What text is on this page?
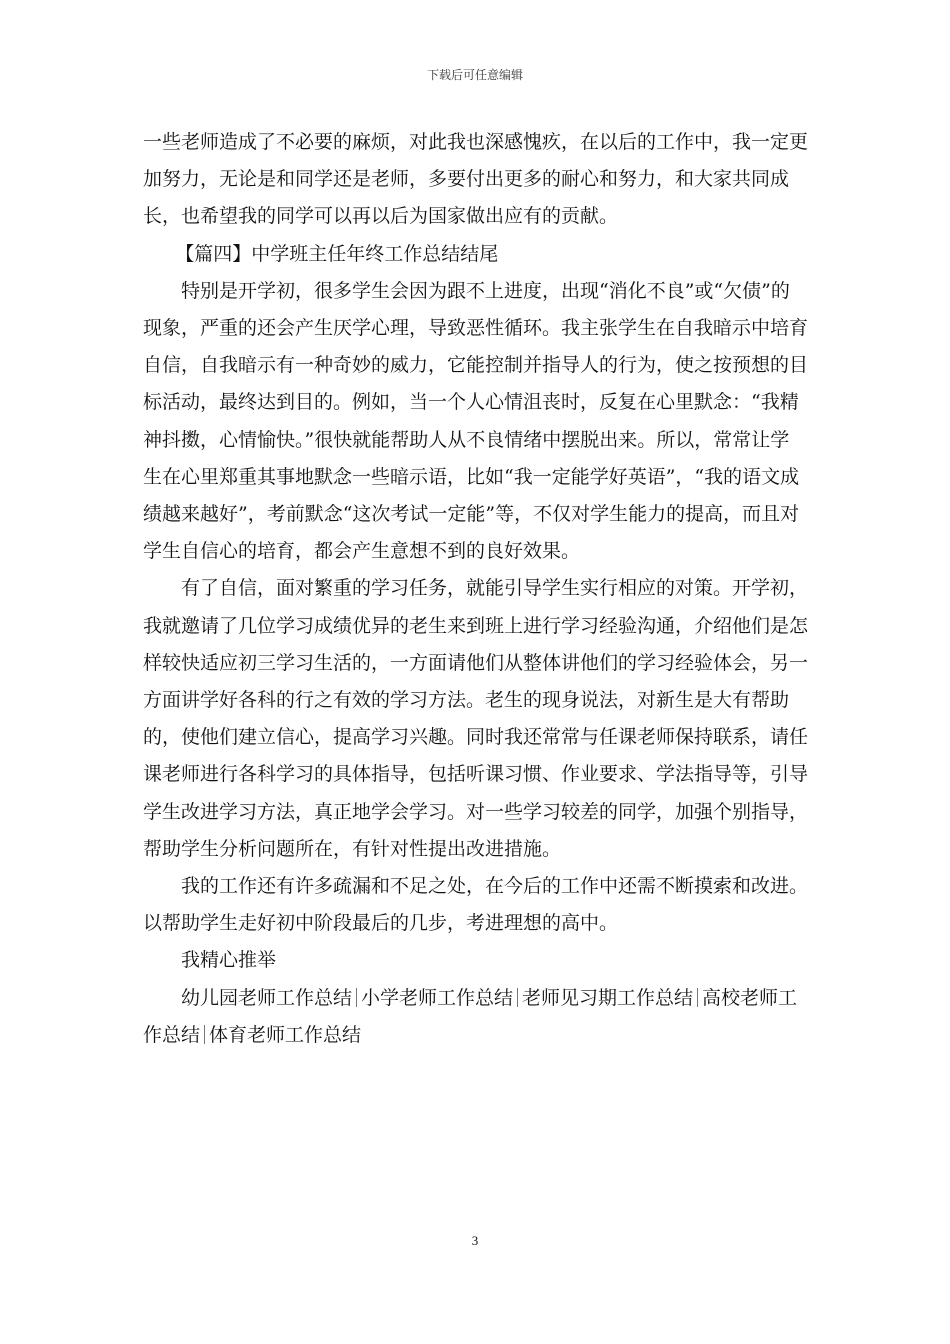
下载后可任意编辑

一些老师造成了不必要的麻烦，对此我也深感愧疚，在以后的工作中，我一定更加努力，无论是和同学还是老师，多要付出更多的耐心和努力，和大家共同成长，也希望我的同学可以再以后为国家做出应有的贡献。

【篇四】中学班主任年终工作总结结尾

特别是开学初，很多学生会因为跟不上进度，出现“消化不良”或“欠债”的现象，严重的还会产生厌学心理，导致恶性循环。我主张学生在自我暗示中培育自信，自我暗示有一种奇妙的威力，它能控制并指导人的行为，使之按预想的目标活动，最终达到目的。例如，当一个人心情沮丧时，反复在心里默念：“我精神抖擞，心情愉快。”很快就能帮助人从不良情绪中摆脱出来。所以，常常让学生在心里郑重其事地默念一些暗示语，比如“我一定能学好英语”，“我的语文成绩越来越好”，考前默念“这次考试一定能”等，不仅对学生能力的提高，而且对学生自信心的培育，都会产生意想不到的良好效果。

有了自信，面对繁重的学习任务，就能引导学生实行相应的对策。开学初，我就邀请了几位学习成绩优异的老生来到班上进行学习经验沟通，介绍他们是怎样较快适应初三学习生活的，一方面请他们从整体讲他们的学习经验体会，另一方面讲学好各科的行之有效的学习方法。老生的现身说法，对新生是大有帮助的，使他们建立信心，提高学习兴趣。同时我还常常与任课老师保持联系，请任课老师进行各科学习的具体指导，包括听课习惯、作业要求、学法指导等，引导学生改进学习方法，真正地学会学习。对一些学习较差的同学，加强个别指导，帮助学生分析问题所在，有针对性提出改进措施。

我的工作还有许多疏漏和不足之处，在今后的工作中还需不断摸索和改进。以帮助学生走好初中阶段最后的几步，考进理想的高中。

我精心推举

幼儿园老师工作总结 小学老师工作总结 老师见习期工作总结 高校老师工作总结 体育老师工作总结

3
